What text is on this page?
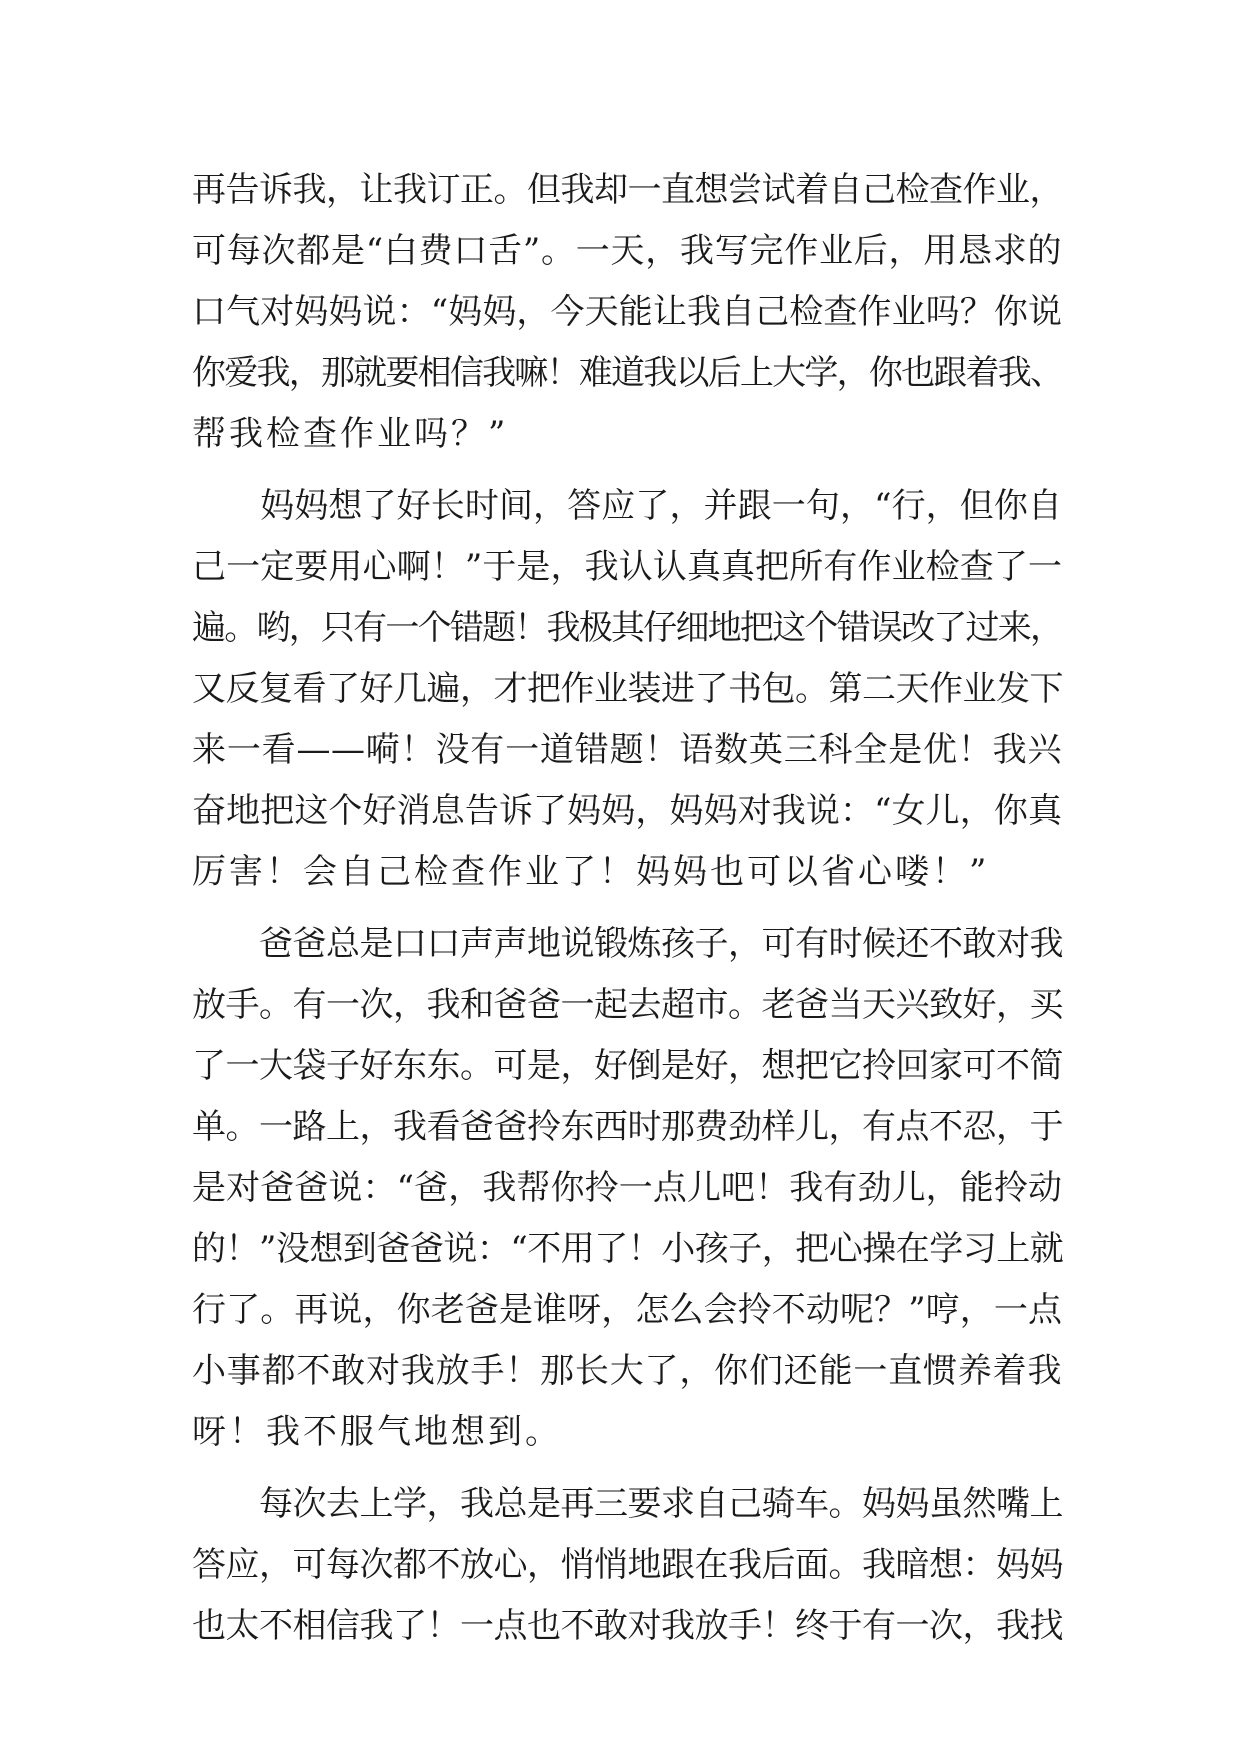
再告诉我，让我订正。但我却一直想尝试着自己检查作业，
可每次都是“白费口舌”。一天，我写完作业后，用恳求的
口气对妈妈说：“妈妈，今天能让我自己检查作业吗？你说
你爱我，那就要相信我嘛！难道我以后上大学，你也跟着我、
帮我检查作业吗？”
　　妈妈想了好长时间，答应了，并跟一句，“行，但你自
己一定要用心啊！”于是，我认认真真把所有作业检查了一
遍。哟，只有一个错题！我极其仔细地把这个错误改了过来，
又反复看了好几遍，才把作业装进了书包。第二天作业发下
来一看——嗬！没有一道错题！语数英三科全是优！我兴
奋地把这个好消息告诉了妈妈，妈妈对我说：“女儿，你真
厉害！会自己检查作业了！妈妈也可以省心喽！”
　　爸爸总是口口声声地说锻炼孩子，可有时候还不敢对我
放手。有一次，我和爸爸一起去超市。老爸当天兴致好，买
了一大袋子好东东。可是，好倒是好，想把它拎回家可不简
单。一路上，我看爸爸拎东西时那费劲样儿，有点不忍，于
是对爸爸说：“爸，我帮你拎一点儿吧！我有劲儿，能拎动
的！”没想到爸爸说：“不用了！小孩子，把心操在学习上就
行了。再说，你老爸是谁呀，怎么会拎不动呢？”哼，一点
小事都不敢对我放手！那长大了，你们还能一直惯养着我
呀！我不服气地想到。
　　每次去上学，我总是再三要求自己骑车。妈妈虽然嘴上
答应，可每次都不放心，悄悄地跟在我后面。我暗想：妈妈
也太不相信我了！一点也不敢对我放手！终于有一次，我找
